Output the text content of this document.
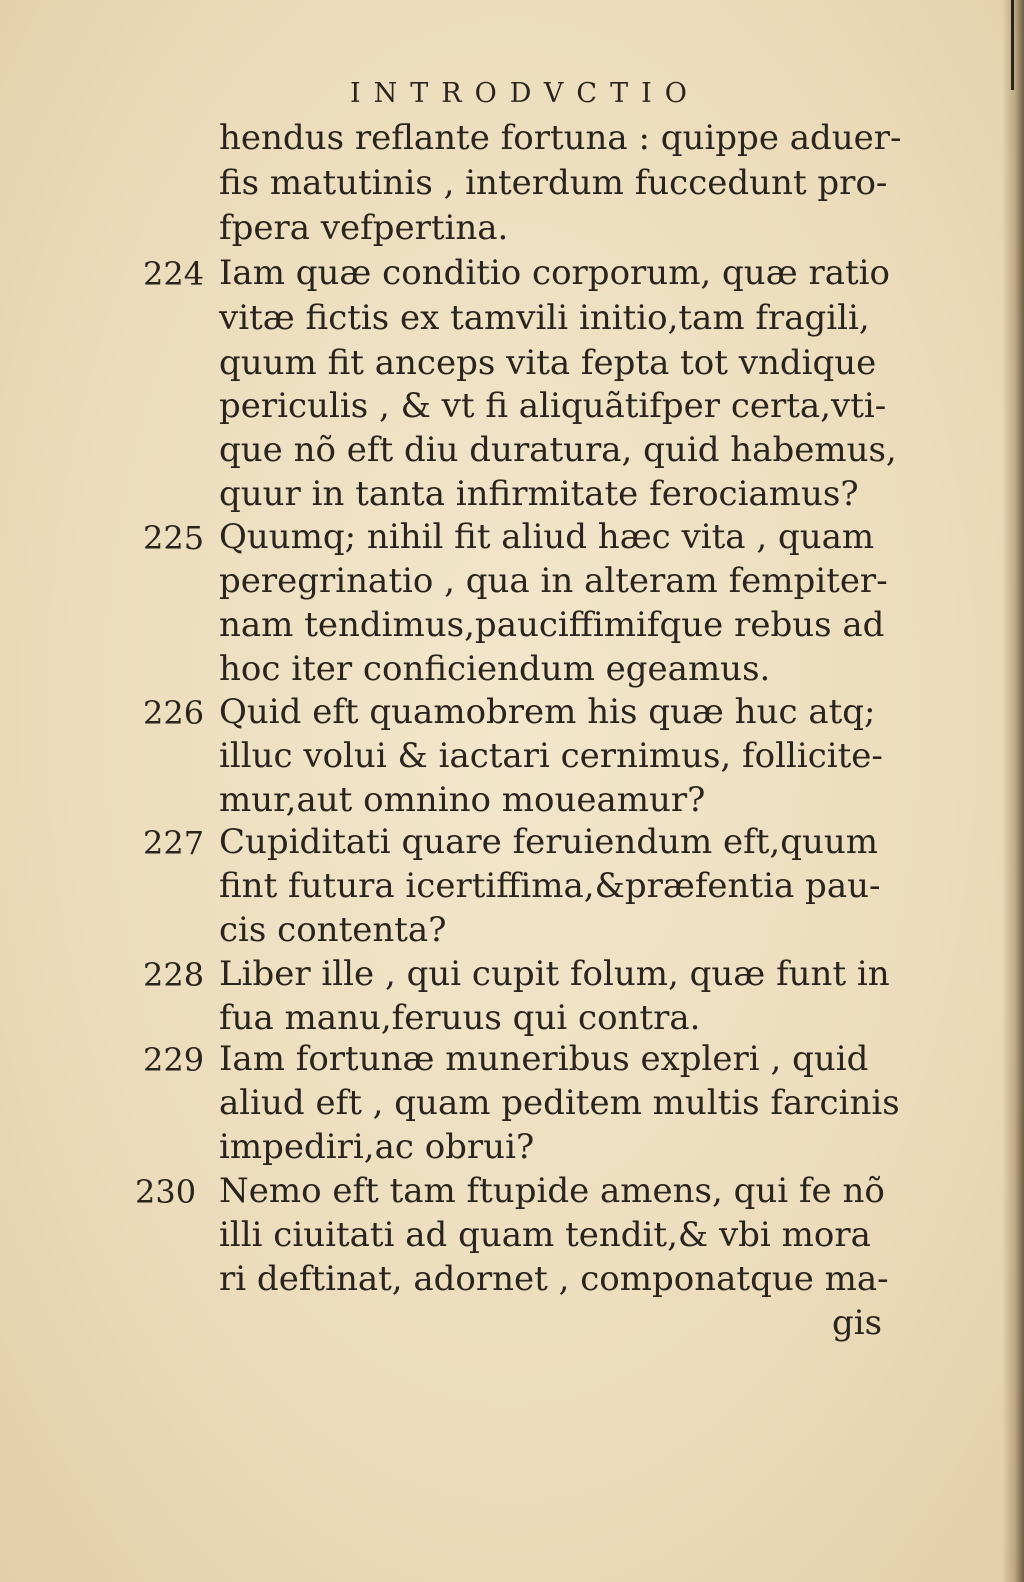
INTRODVCTIO
hendus reflante fortuna : quippe aduer-
fis matutinis , interdum fuccedunt pro-
fpera vefpertina.
224 Iam quæ conditio corporum, quæ ratio
vitæ fictis ex tamvili initio,tam fragili,
quum fit anceps vita fepta tot vndique
periculis , & vt fi aliquãtifper certa,vti-
que nõ eft diu duratura, quid habemus,
quur in tanta infirmitate ferociamus?
225 Quumq; nihil fit aliud hæc vita , quam
peregrinatio , qua in alteram fempiter-
nam tendimus,pauciffimifque rebus ad
hoc iter conficiendum egeamus.
226 Quid eft quamobrem his quæ huc atq;
illuc volui & iactari cernimus, follicite-
mur,aut omnino moueamur?
227 Cupiditati quare feruiendum eft,quum
fint futura icertiffima,&præfentia pau-
cis contenta?
228 Liber ille , qui cupit folum, quæ funt in
fua manu,feruus qui contra.
229 Iam fortunæ muneribus expleri , quid
aliud eft , quam peditem multis farcinis
impediri,ac obrui?
230 Nemo eft tam ftupide amens, qui fe nõ
illi ciuitati ad quam tendit,& vbi mora
ri deftinat, adornet , componatque ma-
gis
